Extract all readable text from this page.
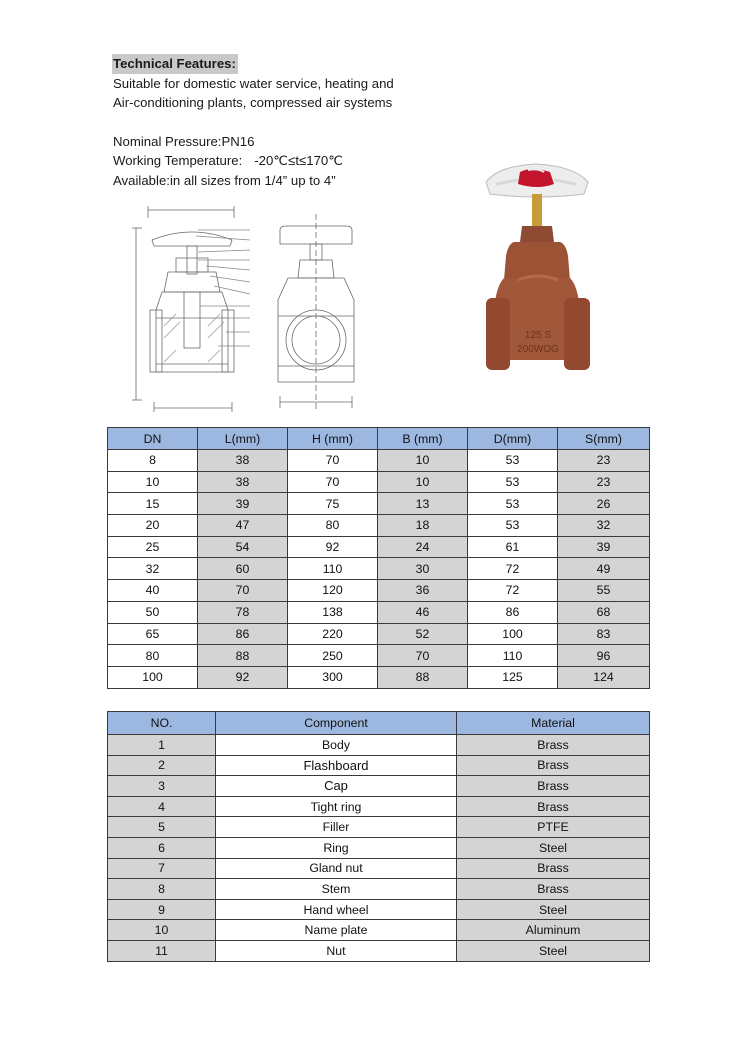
Technical Features:

Suitable for domestic water service, heating and

Air-conditioning plants, compressed air systems

Nominal Pressure:PN16

Working Temperature: -20℃≤t≤170℃

Available:in all sizes from 1/4” up to 4”

125 S
200WOG
DN	L(mm)	H (mm)	B (mm)	D(mm)	S(mm)
8	38	70	10	53	23
10	38	70	10	53	23
15	39	75	13	53	26
20	47	80	18	53	32
25	54	92	24	61	39
32	60	110	30	72	49
40	70	120	36	72	55
50	78	138	46	86	68
65	86	220	52	100	83
80	88	250	70	110	96
100	92	300	88	125	124
NO.	Component	Material
1	Body	Brass
2	Flashboard	Brass
3	Cap	Brass
4	Tight ring	Brass
5	Filler	PTFE
6	Ring	Steel
7	Gland nut	Brass
8	Stem	Brass
9	Hand wheel	Steel
10	Name plate	Aluminum
11	Nut	Steel
